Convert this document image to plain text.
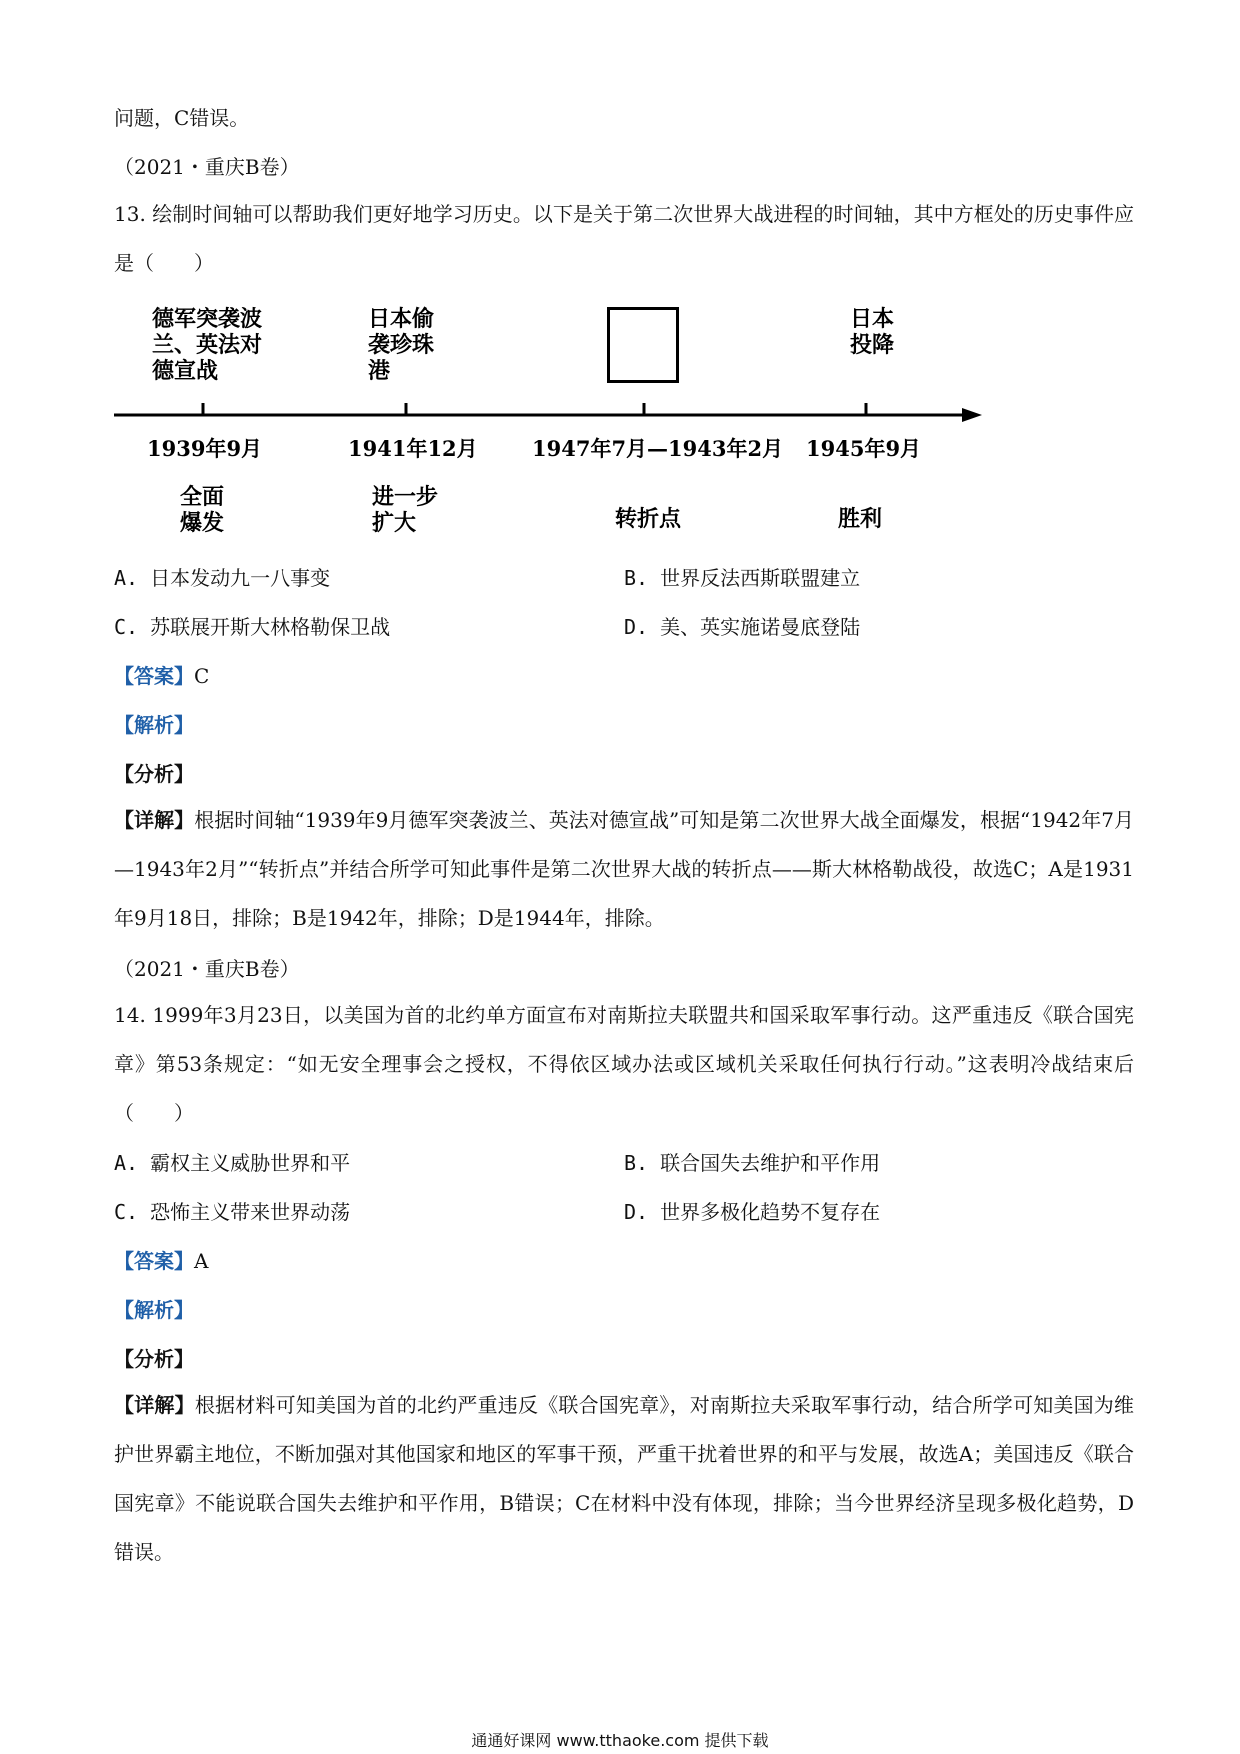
问题，C错误。
（2021・重庆B卷）
13. 绘制时间轴可以帮助我们更好地学习历史。以下是关于第二次世界大战进程的时间轴，其中方框处的历史事件应是（　　）
德军突袭波
兰、英法对
德宣战
日本偷
袭珍珠
港
日本
投降
1939年9月	1941年12月	1947年7月—1943年2月 1945年9月
全面
爆发
进一步
扩大	转折点	胜利
A. 日本发动九一八事变	B. 世界反法西斯联盟建立
C. 苏联展开斯大林格勒保卫战	D. 美、英实施诺曼底登陆
【答案】C
【解析】
【分析】
【详解】根据时间轴“1939年9月德军突袭波兰、英法对德宣战”可知是第二次世界大战全面爆发，根据“1942年7月—1943年2月”“转折点”并结合所学可知此事件是第二次世界大战的转折点——斯大林格勒战役，故选C；A是1931年9月18日，排除；B是1942年，排除；D是1944年，排除。
（2021・重庆B卷）
14. 1999年3月23日，以美国为首的北约单方面宣布对南斯拉夫联盟共和国采取军事行动。这严重违反《联合国宪章》第53条规定：“如无安全理事会之授权，不得依区域办法或区域机关采取任何执行行动。”这表明冷战结束后（　　）
A. 霸权主义威胁世界和平	B. 联合国失去维护和平作用
C. 恐怖主义带来世界动荡	D. 世界多极化趋势不复存在
【答案】A
【解析】
【分析】
【详解】根据材料可知美国为首的北约严重违反《联合国宪章》，对南斯拉夫采取军事行动，结合所学可知美国为维护世界霸主地位，不断加强对其他国家和地区的军事干预，严重干扰着世界的和平与发展，故选A；美国违反《联合国宪章》不能说联合国失去维护和平作用，B错误；C在材料中没有体现，排除；当今世界经济呈现多极化趋势，D错误。
通通好课网 www.tthaoke.com 提供下载
